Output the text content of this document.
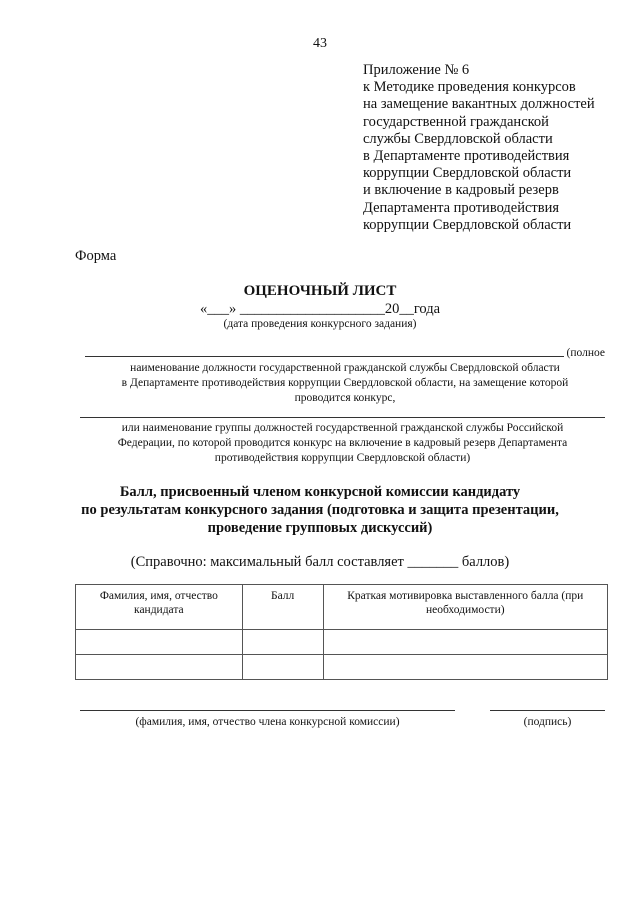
43
Приложение № 6
к Методике проведения конкурсов
на замещение вакантных должностей
государственной гражданской
службы Свердловской области
в Департаменте противодействия
коррупции Свердловской области
и включение в кадровый резерв
Департамента противодействия
коррупции Свердловской области
Форма
ОЦЕНОЧНЫЙ ЛИСТ
«___» ____________________20__года
(дата проведения конкурсного задания)
(полное
наименование должности государственной гражданской службы Свердловской области
в Департаменте противодействия коррупции Свердловской области, на замещение которой
проводится конкурс,
или наименование группы должностей государственной гражданской службы Российской
Федерации, по которой проводится конкурс на включение в кадровый резерв Департамента
противодействия коррупции Свердловской области)
Балл, присвоенный членом конкурсной комиссии кандидату
по результатам конкурсного задания (подготовка и защита презентации,
проведение групповых дискуссий)
(Справочно: максимальный балл составляет _______ баллов)
Фамилия, имя, отчество кандидата	Балл	Краткая мотивировка выставленного балла (при необходимости)

(фамилия, имя, отчество члена конкурсной комиссии)	(подпись)
